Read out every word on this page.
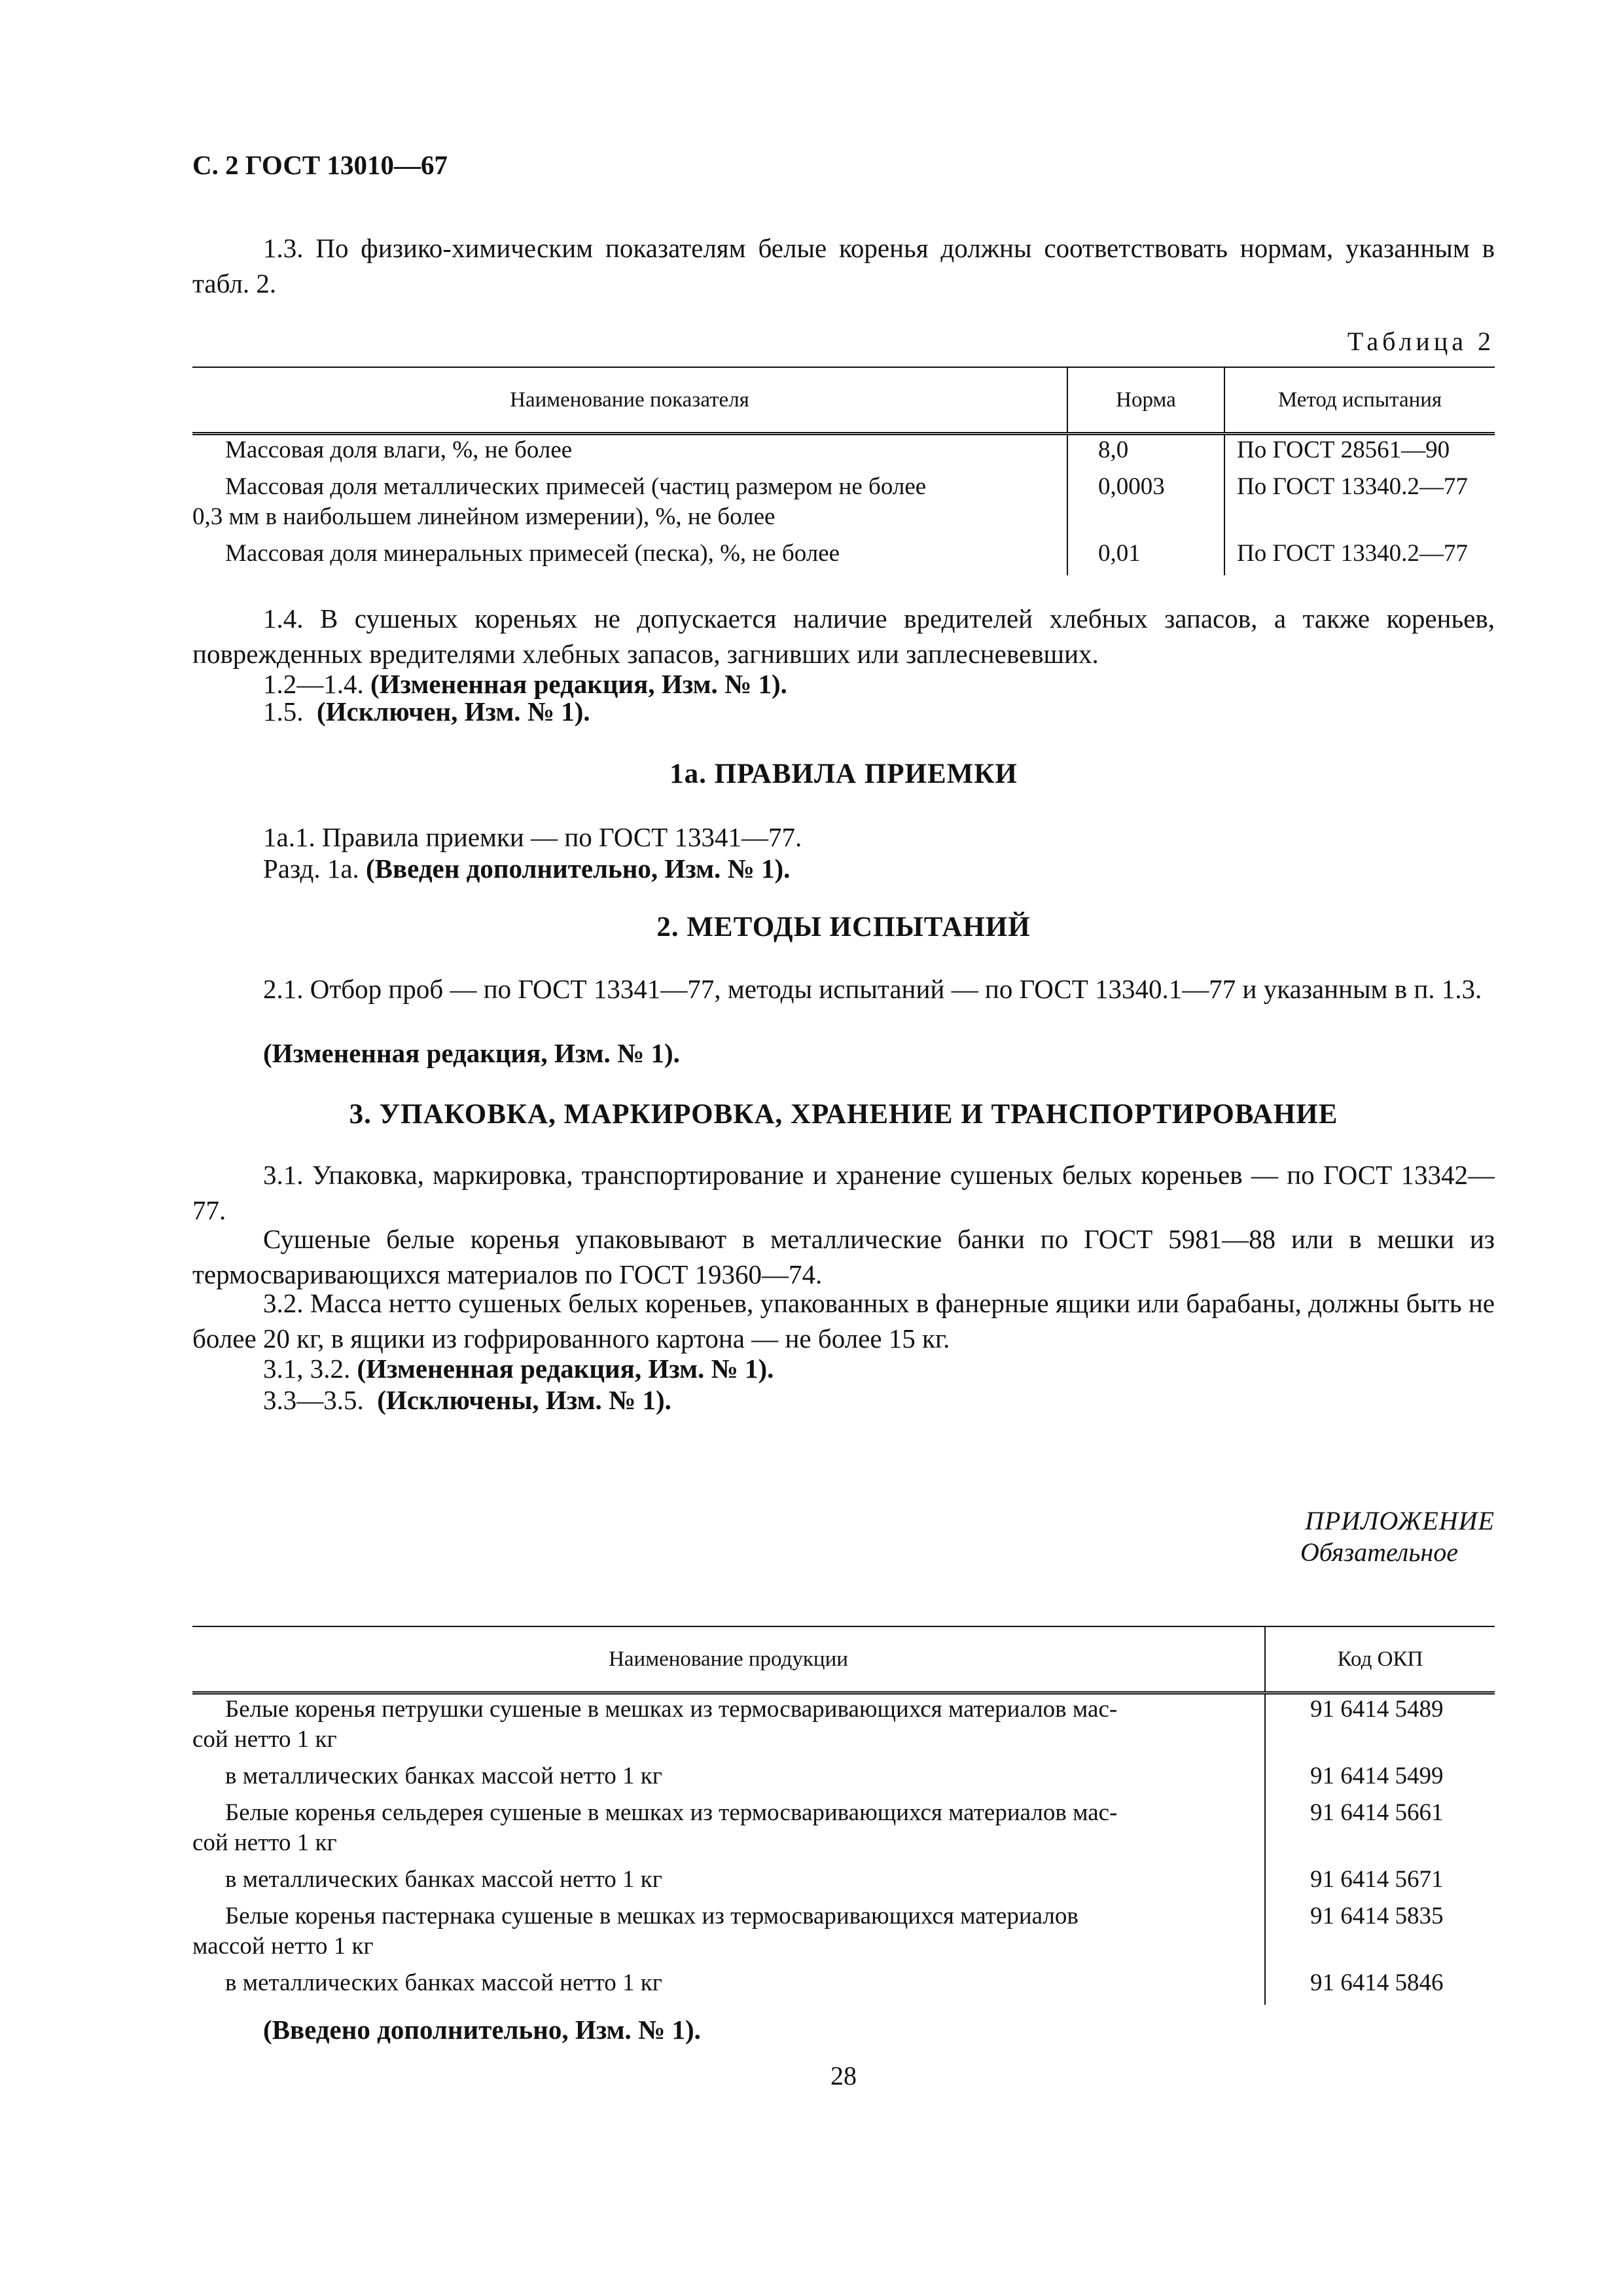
С. 2 ГОСТ 13010—67
1.3. По физико-химическим показателям белые коренья должны соответствовать нормам, указанным в табл. 2.
Таблица 2
Наименование показателя	Норма	Метод испытания

Массовая доля влаги, %, не более	8,0	По ГОСТ 28561—90

Массовая доля металлических примесей (частиц размером не более
0,3 мм в наибольшем линейном измерении), %, не более	0,0003	По ГОСТ 13340.2—77

Массовая доля минеральных примесей (песка), %, не более	0,01	По ГОСТ 13340.2—77
1.4. В сушеных кореньях не допускается наличие вредителей хлебных запасов, а также кореньев, поврежденных вредителями хлебных запасов, загнивших или заплесневевших.
1.2—1.4. (Измененная редакция, Изм. № 1).
1.5. (Исключен, Изм. № 1).
1а. ПРАВИЛА ПРИЕМКИ
1а.1. Правила приемки — по ГОСТ 13341—77.
Разд. 1а. (Введен дополнительно, Изм. № 1).
2. МЕТОДЫ ИСПЫТАНИЙ
2.1. Отбор проб — по ГОСТ 13341—77, методы испытаний — по ГОСТ 13340.1—77 и указанным в п. 1.3.
(Измененная редакция, Изм. № 1).
3. УПАКОВКА, МАРКИРОВКА, ХРАНЕНИЕ И ТРАНСПОРТИРОВАНИЕ
3.1. Упаковка, маркировка, транспортирование и хранение сушеных белых кореньев — по ГОСТ 13342—77.
Сушеные белые коренья упаковывают в металлические банки по ГОСТ 5981—88 или в мешки из термосваривающихся материалов по ГОСТ 19360—74.
3.2. Масса нетто сушеных белых кореньев, упакованных в фанерные ящики или барабаны, должны быть не более 20 кг, в ящики из гофрированного картона — не более 15 кг.
3.1, 3.2. (Измененная редакция, Изм. № 1).
3.3—3.5. (Исключены, Изм. № 1).
ПРИЛОЖЕНИЕ
Обязательное
Наименование продукции	Код ОКП

Белые коренья петрушки сушеные в мешках из термосваривающихся материалов мас-
сой нетто 1 кг	91 6414 5489

в металлических банках массой нетто 1 кг	91 6414 5499

Белые коренья сельдерея сушеные в мешках из термосваривающихся материалов мас-
сой нетто 1 кг	91 6414 5661

в металлических банках массой нетто 1 кг	91 6414 5671

Белые коренья пастернака сушеные в мешках из термосваривающихся материалов
массой нетто 1 кг	91 6414 5835

в металлических банках массой нетто 1 кг	91 6414 5846
(Введено дополнительно, Изм. № 1).
28
